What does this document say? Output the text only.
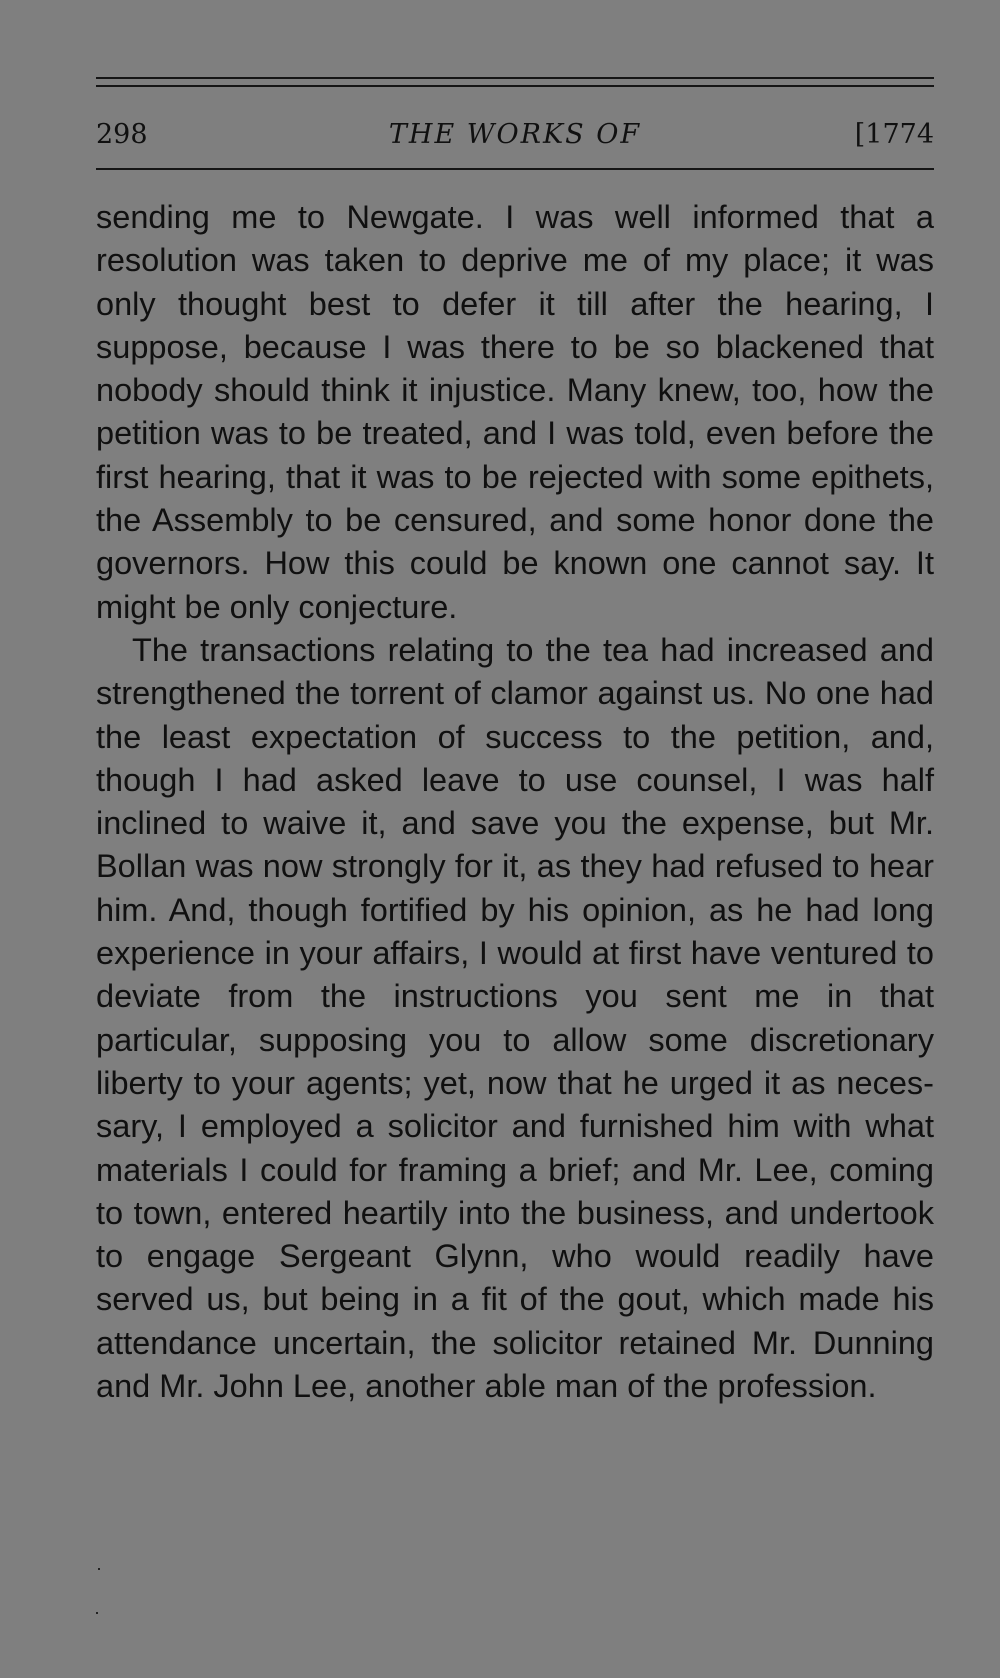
298	THE WORKS OF	[1774

sending me to Newgate. I was well informed that a resolution was taken to deprive me of my place; it was only thought best to defer it till after the hearing, I suppose, because I was there to be so blackened that nobody should think it injustice. Many knew, too, how the petition was to be treated, and I was told, even before the first hearing, that it was to be rejected with some epithets, the Assembly to be censured, and some honor done the governors. How this could be known one cannot say. It might be only conjecture.

The transactions relating to the tea had increased and strengthened the torrent of clamor against us. No one had the least expectation of success to the petition, and, though I had asked leave to use counsel, I was half inclined to waive it, and save you the expense, but Mr. Bollan was now strongly for it, as they had refused to hear him. And, though fortified by his opinion, as he had long experience in your affairs, I would at first have ventured to deviate from the instructions you sent me in that particular, supposing you to allow some discretionary liberty to your agents; yet, now that he urged it as necessary, I employed a solicitor and furnished him with what materials I could for framing a brief; and Mr. Lee, coming to town, entered heartily into the business, and undertook to engage Sergeant Glynn, who would readily have served us, but being in a fit of the gout, which made his attendance uncertain, the solicitor retained Mr. Dunning and Mr. John Lee, another able man of the profession.
